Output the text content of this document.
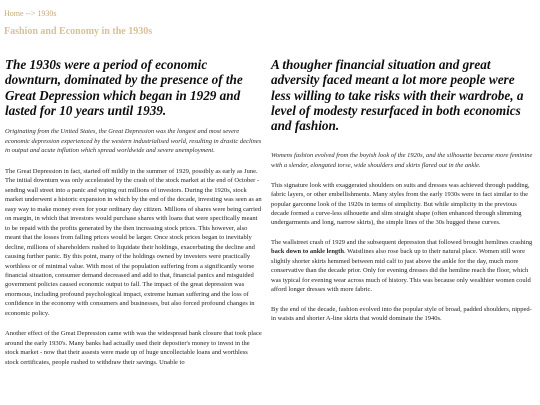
Home --> 1930s
Fashion and Economy in the 1930s
The 1930s were a period of economic downturn, dominated by the presence of the Great Depression which began in 1929 and lasted for 10 years until 1939.

Originating from the United States, the Great Depression was the longest and most severe economic depression experienced by the western industrialised world, resulting in drastic declines in output and acute inflation which spread worldwide and severe unemployment.

The Great Depression in fact, started off mildly in the summer of 1929, possibly as early as June. The initial downturn was only accelerated by the crash of the stock market at the end of October - sending wall street into a panic and wiping out millions of investors. During the 1920s, stock market underwent a historic expansion in which by the end of the decade, investing was seen as an easy way to make money even for your ordinary day citizen. Millions of shares were being carried on margin, in which that investors would purchase shares with loans that were specifically meant to be repaid with the profits generated by the then increasing stock prices. This however, also meant that the losses from falling prices would be larger. Once stock prices began to inevitably decline, millions of shareholders rushed to liquidate their holdings, exacerbating the decline and causing further panic. By this point, many of the holdings owned by investers were practically worthless or of minimal value. With most of the population suffering from a significantly worse financial situation, consumer demand decreased and add to that, financial panics and misguided government policies caused economic output to fall. The impact of the great depression was enormous, including profound psychological impact, extreme human suffering and the loss of confidence in the economy with consumers and businesses, but also forced profound changes in economic policy.

Another effect of the Great Depression came with was the widespread bank closure that took place around the early 1930's. Many banks had actually used their depositer's money to invest in the stock market - now that their assests were made up of huge uncollectable loans and worthless stock certificates, people rushed to withdraw their savings. Unable to

A thougher financial situation and great adversity faced meant a lot more people were less willing to take risks with their wardrobe, a level of modesty resurfaced in both economics and fashion.

Womens fashion evolved from the boyish look of the 1920s, and the silhouette became more feminine with a slender, elongated torse, wide shoulders and skirts flared out in the ankle.

This signature look with exaggerated shoulders on suits and dresses was achieved through padding, fabric layers, or other embellishments. Many styles from the early 1930s were in fact similar to the popular garconne look of the 1920s in terms of simplicity. But while simplicity in the previous decade formed a curve-less silhouette and slim straight shape (often enhanced through slimming undergarments and long, narrow skirts), the simple lines of the 30s hugged these curves.

The wallstreet crash of 1929 and the subsequent depression that followed brought hemlines crashing back down to ankle length. Waistlines also rose back up to their natural place. Women still wore slightly shorter skirts hemmed between mid calf to just above the ankle for the day, much more conservative than the decade prior. Only for evening dresses did the hemline reach the floor, which was typical for evening wear across much of history. This was because only wealthier women could afford longer dresses with more fabric.

By the end of the decade, fashion evolved into the popular style of broad, padded shoulders, nipped-in waists and shorter A-line skirts that would dominate the 1940s.
